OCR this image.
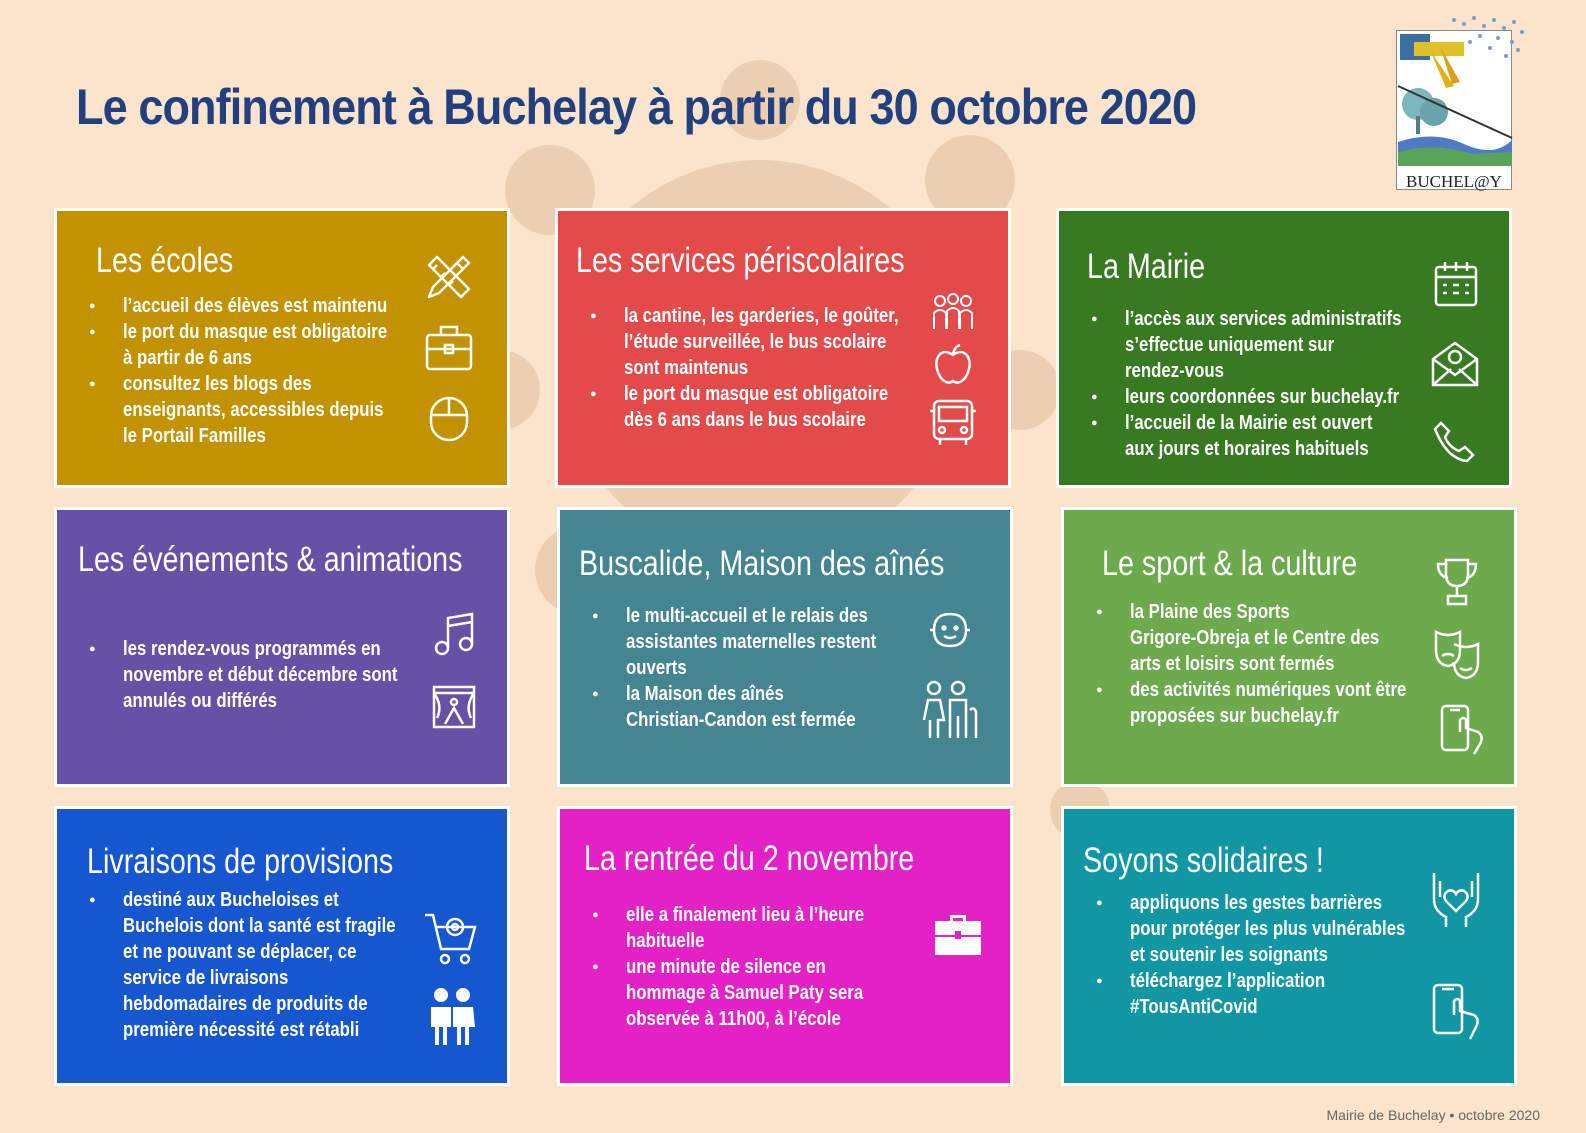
Le confinement à Buchelay à partir du 30 octobre 2020
BUCHEL@Y
Les écoles
● l’accueil des élèves est maintenu
● le port du masque est obligatoire
à partir de 6 ans
● consultez les blogs des
enseignants, accessibles depuis
le Portail Familles
Les services périscolaires
● la cantine, les garderies, le goûter,
l’étude surveillée, le bus scolaire
sont maintenus
● le port du masque est obligatoire
dès 6 ans dans le bus scolaire
La Mairie
● l’accès aux services administratifs
s’effectue uniquement sur
rendez-vous
● leurs coordonnées sur buchelay.fr
● l’accueil de la Mairie est ouvert
aux jours et horaires habituels
Les événements & animations
● les rendez-vous programmés en
novembre et début décembre sont
annulés ou différés
Buscalide, Maison des aînés
● le multi-accueil et le relais des
assistantes maternelles restent
ouverts
● la Maison des aînés
Christian-Candon est fermée
Le sport & la culture
● la Plaine des Sports
Grigore-Obreja et le Centre des
arts et loisirs sont fermés
● des activités numériques vont être
proposées sur buchelay.fr
Livraisons de provisions
● destiné aux Bucheloises et
Buchelois dont la santé est fragile
et ne pouvant se déplacer, ce
service de livraisons
hebdomadaires de produits de
première nécessité est rétabli
La rentrée du 2 novembre
● elle a finalement lieu à l’heure
habituelle
● une minute de silence en
hommage à Samuel Paty sera
observée à 11h00, à l’école
Soyons solidaires !
● appliquons les gestes barrières
pour protéger les plus vulnérables
et soutenir les soignants
● téléchargez l’application
#TousAntiCovid
Mairie de Buchelay • octobre 2020
